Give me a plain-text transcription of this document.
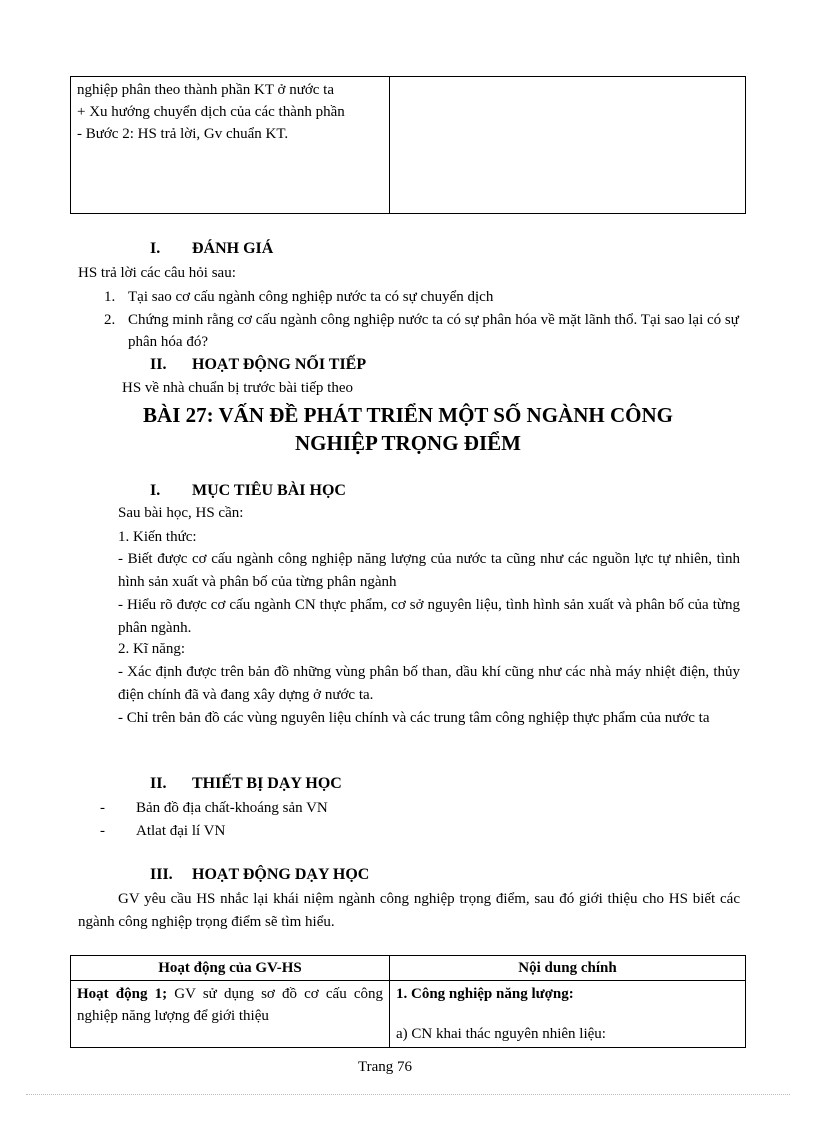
nghiệp phân theo thành phần KT ở nước ta
+ Xu hướng chuyển dịch của các thành phần
- Bước 2: HS trả lời, Gv chuẩn KT.

I. ĐÁNH GIÁ
HS trả lời các câu hỏi sau:
1. Tại sao cơ cấu ngành công nghiệp nước ta có sự chuyển dịch
2. Chứng minh rằng cơ cấu ngành công nghiệp nước ta có sự phân hóa về mặt lãnh thổ. Tại sao lại có sự phân hóa đó?
II. HOẠT ĐỘNG NỐI TIẾP
HS về nhà chuẩn bị trước bài tiếp theo
BÀI 27: VẤN ĐỀ PHÁT TRIỂN MỘT SỐ NGÀNH CÔNG
NGHIỆP TRỌNG ĐIỂM
I. MỤC TIÊU BÀI HỌC
Sau bài học, HS cần:
1. Kiến thức:
- Biết được cơ cấu ngành công nghiệp năng lượng của nước ta cũng như các nguồn lực tự nhiên, tình hình sản xuất và phân bố của từng phân ngành
- Hiểu rõ được cơ cấu ngành CN thực phẩm, cơ sở nguyên liệu, tình hình sản xuất và phân bố của từng phân ngành.
2. Kĩ năng:
- Xác định được trên bản đồ những vùng phân bố than, dầu khí cũng như các nhà máy nhiệt điện, thủy điện chính đã và đang xây dựng ở nước ta.
- Chỉ trên bản đồ các vùng nguyên liệu chính và các trung tâm công nghiệp thực phẩm của nước ta
II. THIẾT BỊ DẠY HỌC
- Bản đồ địa chất-khoáng sản VN
- Atlat đại lí VN
III. HOẠT ĐỘNG DẠY HỌC
GV yêu cầu HS nhắc lại khái niệm ngành công nghiệp trọng điểm, sau đó giới thiệu cho HS biết các ngành công nghiệp trọng điểm sẽ tìm hiểu.
Hoạt động của GV-HS	Nội dung chính
Hoạt động 1; GV sử dụng sơ đồ cơ cấu công nghiệp năng lượng để giới thiệu	1. Công nghiệp năng lượng:
a) CN khai thác nguyên nhiên liệu:
Trang 76
